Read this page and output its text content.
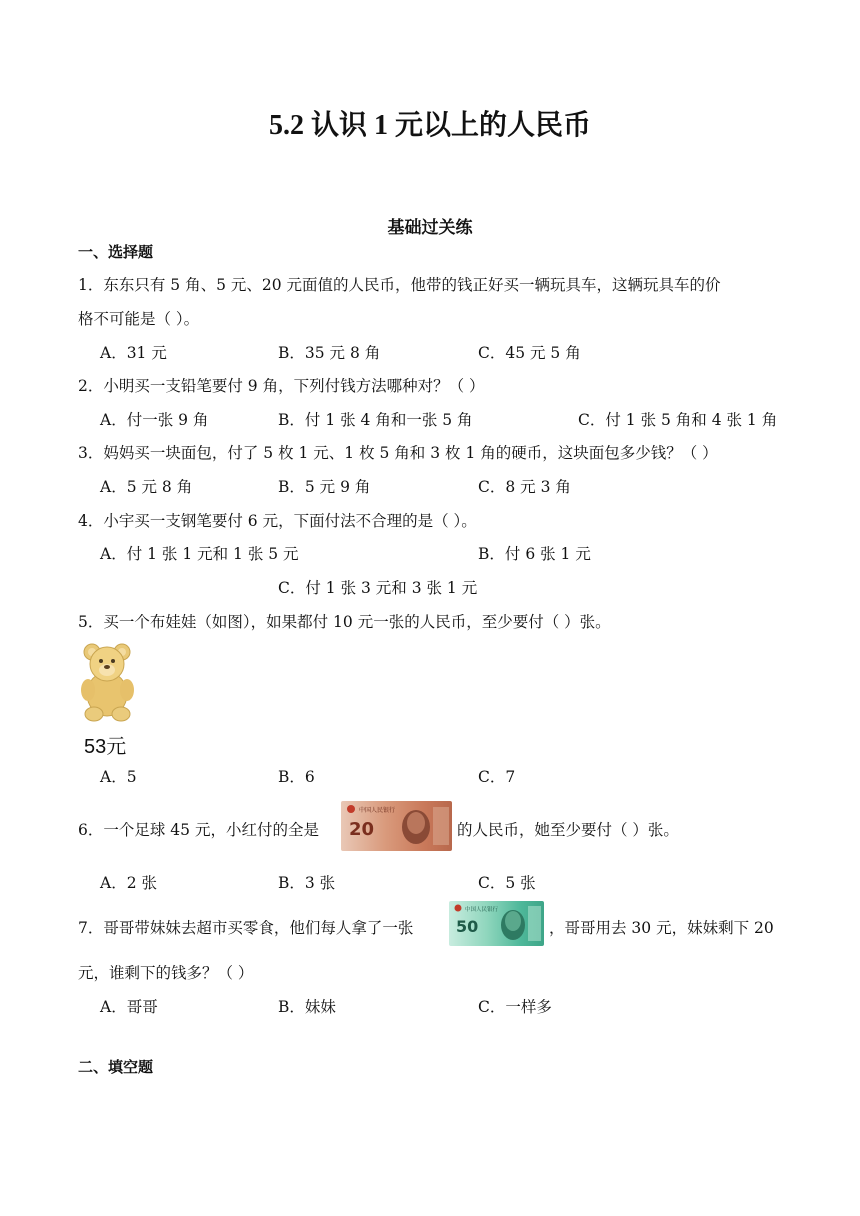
5.2 认识 1 元以上的人民币
基础过关练
一、选择题
1．东东只有 5 角、5 元、20 元面值的人民币，他带的钱正好买一辆玩具车，这辆玩具车的价
格不可能是（ ）。
A．31 元	B．35 元 8 角	C．45 元 5 角
2．小明买一支铅笔要付 9 角，下列付钱方法哪种对？（ ）
A．付一张 9 角	B．付 1 张 4 角和一张 5 角	C．付 1 张 5 角和 4 张 1 角
3．妈妈买一块面包，付了 5 枚 1 元、1 枚 5 角和 3 枚 1 角的硬币，这块面包多少钱？（ ）
A．5 元 8 角	B．5 元 9 角	C．8 元 3 角
4．小宇买一支钢笔要付 6 元，下面付法不合理的是（ ）。
A．付 1 张 1 元和 1 张 5 元	B．付 6 张 1 元
C．付 1 张 3 元和 3 张 1 元
5．买一个布娃娃（如图），如果都付 10 元一张的人民币，至少要付（ ）张。
53元
A．5	B．6	C．7
6．一个足球 45 元，小红付的全是
中国人民银行
20	的人民币，她至少要付（ ）张。
A．2 张	B．3 张	C．5 张
7．哥哥带妹妹去超市买零食，他们每人拿了一张
中国人民银行
50	，哥哥用去 30 元，妹妹剩下 20
元，谁剩下的钱多？（ ）
A．哥哥	B．妹妹	C．一样多
二、填空题
